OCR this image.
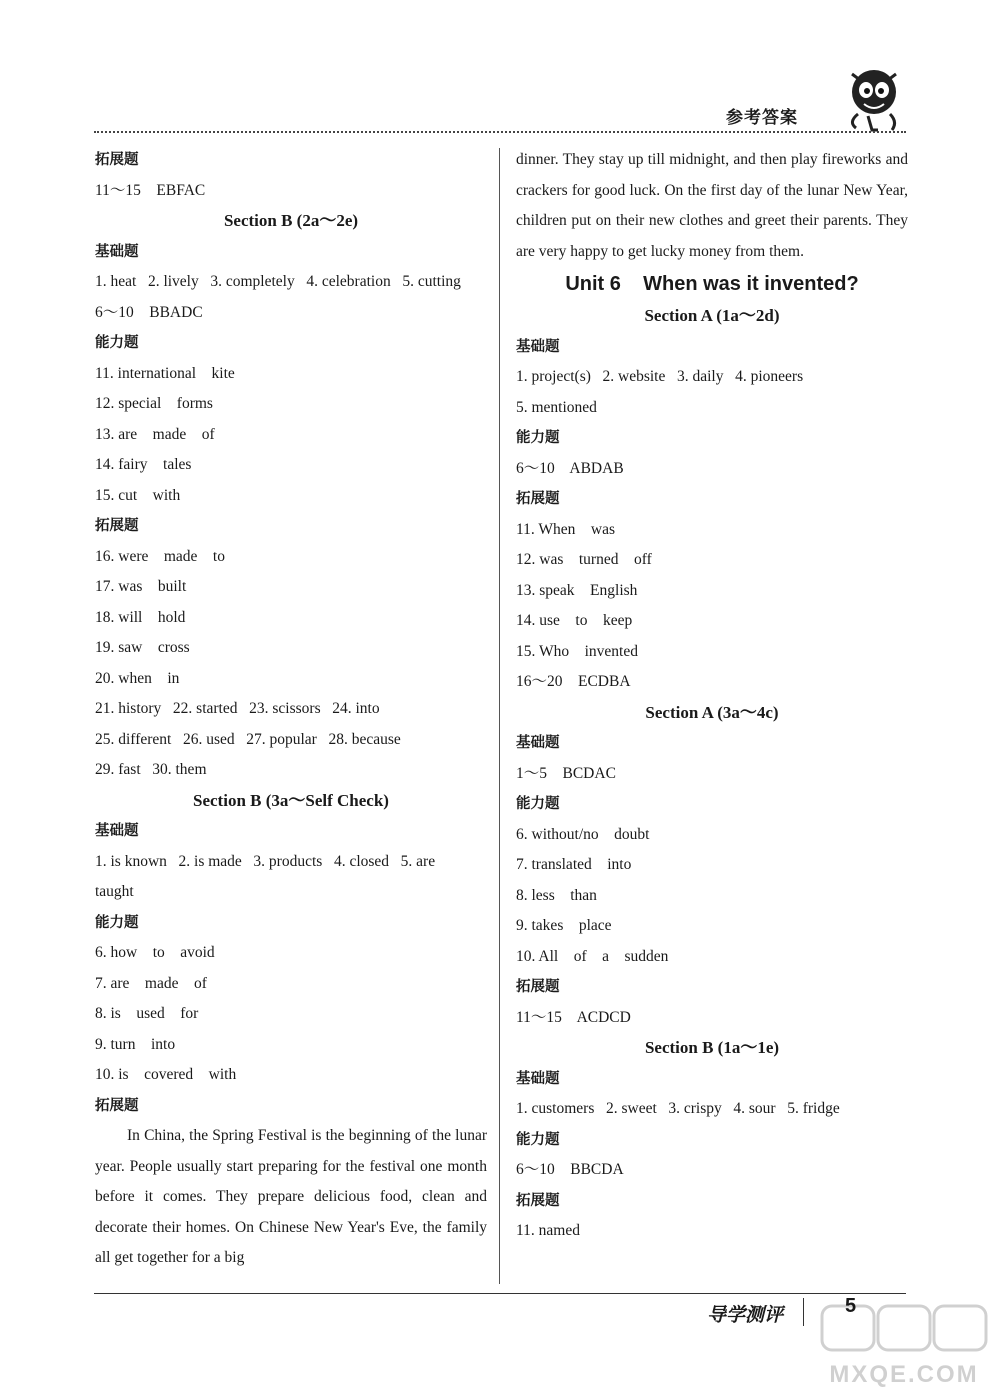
参考答案
拓展题
11～15    EBFAC
Section B (2a～2e)
基础题
1. heat   2. lively   3. completely   4. celebration   5. cutting
6～10    BBADC
能力题
11. international    kite
12. special    forms
13. are    made    of
14. fairy    tales
15. cut    with
拓展题
16. were    made    to
17. was    built
18. will    hold
19. saw    cross
20. when    in
21. history   22. started   23. scissors   24. into
25. different   26. used   27. popular   28. because
29. fast   30. them
Section B (3a～Self Check)
基础题
1. is known   2. is made   3. products   4. closed   5. are
taught
能力题
6. how    to    avoid
7. are    made    of
8. is    used    for
9. turn    into
10. is    covered    with
拓展题
In China, the Spring Festival is the beginning of the lunar year. People usually start preparing for the festival one month before it comes. They prepare delicious food, clean and decorate their homes. On Chinese New Year's Eve, the family all get together for a big
dinner. They stay up till midnight, and then play fireworks and crackers for good luck. On the first day of the lunar New Year, children put on their new clothes and greet their parents. They are very happy to get lucky money from them.
Unit 6    When was it invented?
Section A (1a～2d)
基础题
1. project(s)   2. website   3. daily   4. pioneers
5. mentioned
能力题
6～10    ABDAB
拓展题
11. When    was
12. was    turned    off
13. speak    English
14. use    to    keep
15. Who    invented
16～20    ECDBA
Section A (3a～4c)
基础题
1～5    BCDAC
能力题
6. without/no    doubt
7. translated    into
8. less    than
9. takes    place
10. All    of    a    sudden
拓展题
11～15    ACDCD
Section B (1a～1e)
基础题
1. customers   2. sweet   3. crispy   4. sour   5. fridge
能力题
6～10    BBCDA
拓展题
11. named
导学测评	5
MXQE.COM
